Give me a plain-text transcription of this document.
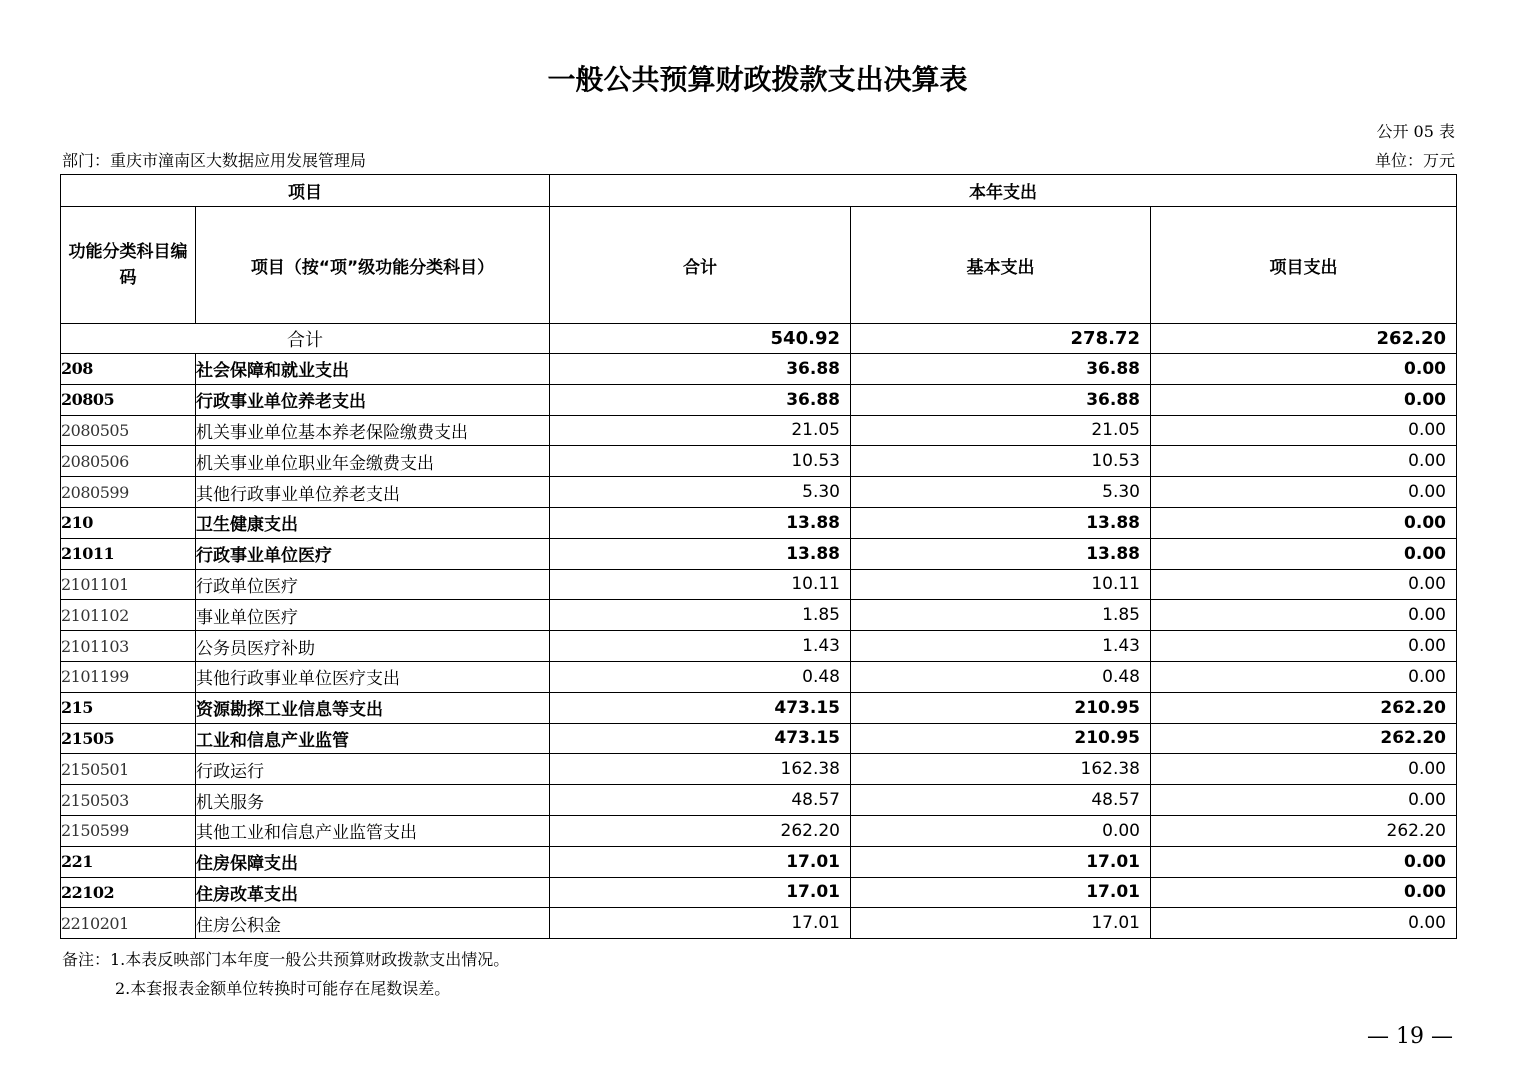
一般公共预算财政拨款支出决算表
公开 05 表
部门：重庆市潼南区大数据应用发展管理局	单位：万元
项目		本年支出		
功能分类科目编码	项目（按“项”级功能分类科目）	合计	基本支出	项目支出
合计		540.92	278.72	262.20
208	社会保障和就业支出	36.88	36.88	0.00
20805	行政事业单位养老支出	36.88	36.88	0.00
2080505	机关事业单位基本养老保险缴费支出	21.05	21.05	0.00
2080506	机关事业单位职业年金缴费支出	10.53	10.53	0.00
2080599	其他行政事业单位养老支出	5.30	5.30	0.00
210	卫生健康支出	13.88	13.88	0.00
21011	行政事业单位医疗	13.88	13.88	0.00
2101101	行政单位医疗	10.11	10.11	0.00
2101102	事业单位医疗	1.85	1.85	0.00
2101103	公务员医疗补助	1.43	1.43	0.00
2101199	其他行政事业单位医疗支出	0.48	0.48	0.00
215	资源勘探工业信息等支出	473.15	210.95	262.20
21505	工业和信息产业监管	473.15	210.95	262.20
2150501	行政运行	162.38	162.38	0.00
2150503	机关服务	48.57	48.57	0.00
2150599	其他工业和信息产业监管支出	262.20	0.00	262.20
221	住房保障支出	17.01	17.01	0.00
22102	住房改革支出	17.01	17.01	0.00
2210201	住房公积金	17.01	17.01	0.00
备注：1.本表反映部门本年度一般公共预算财政拨款支出情况。
2.本套报表金额单位转换时可能存在尾数误差。
— 19 —
